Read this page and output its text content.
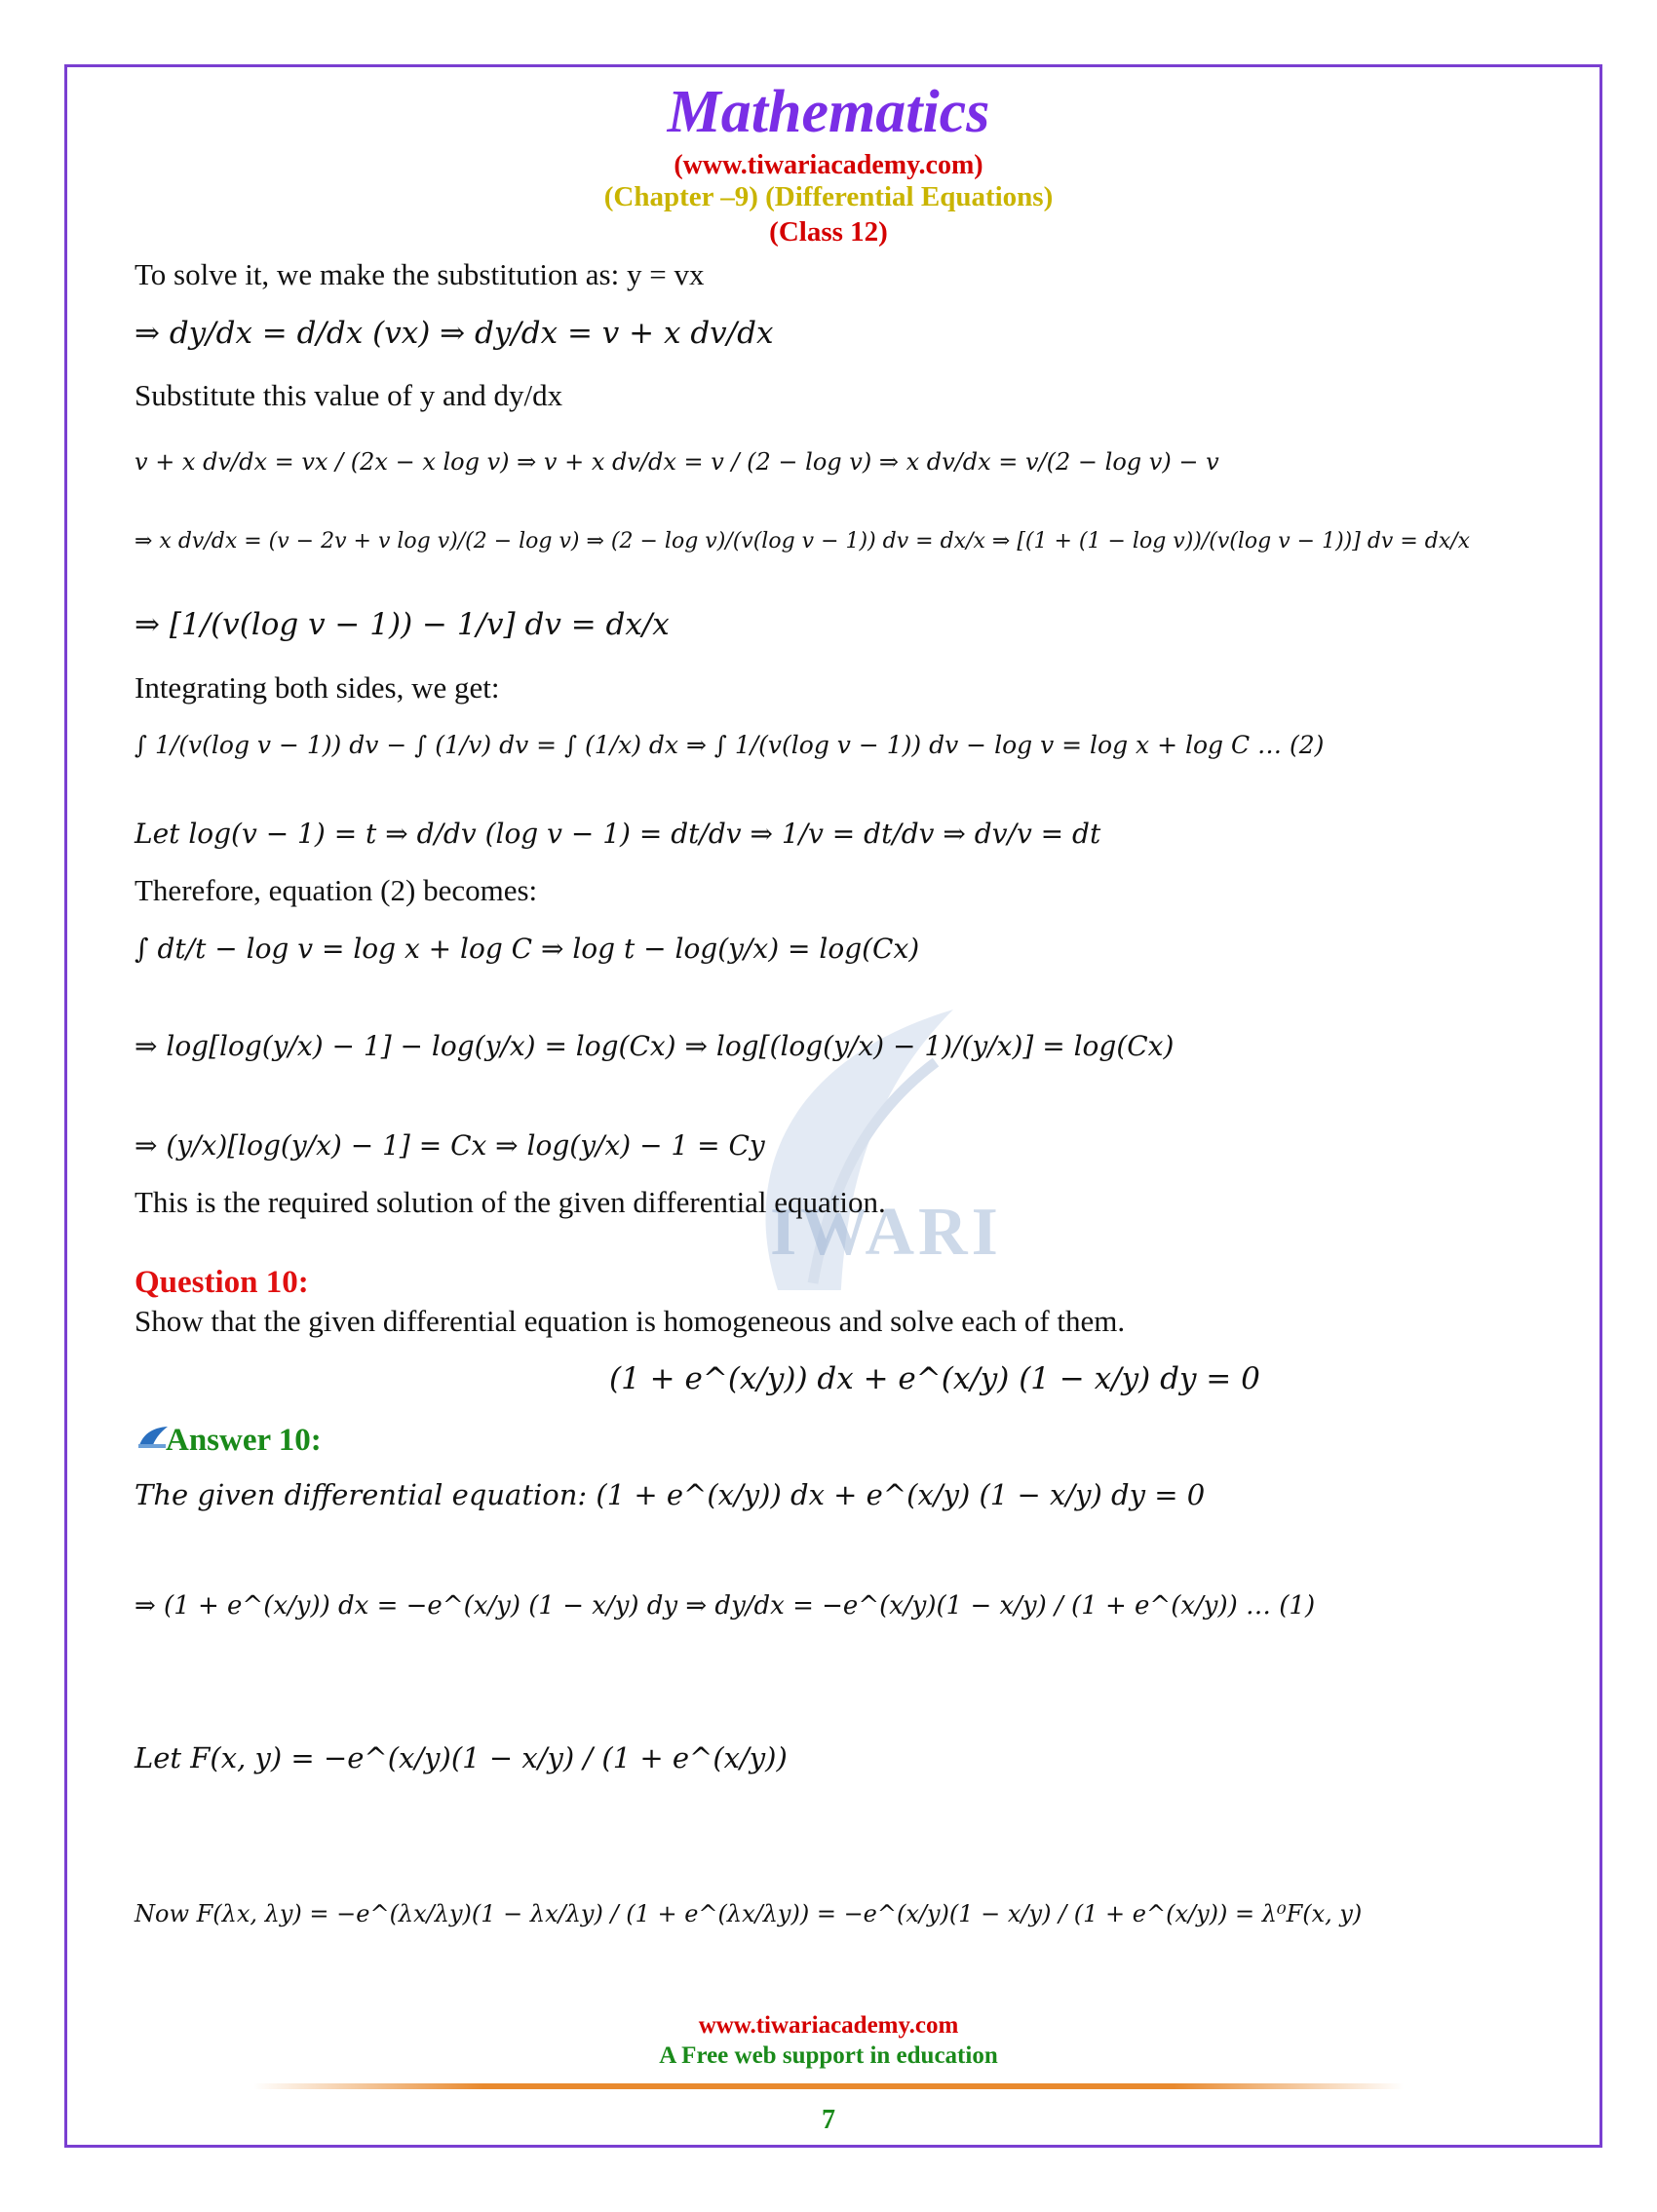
IWARI
Mathematics
(www.tiwariacademy.com)
(Chapter –9) (Differential Equations)
(Class 12)
To solve it, we make the substitution as: y = vx
⇒ dy/dx = d/dx (vx) ⇒ dy/dx = v + x dv/dx
Substitute this value of y and dy/dx
v + x dv/dx = vx / (2x − x log v) ⇒ v + x dv/dx = v / (2 − log v) ⇒ x dv/dx = v/(2 − log v) − v
⇒ x dv/dx = (v − 2v + v log v)/(2 − log v) ⇒ (2 − log v)/(v(log v − 1)) dv = dx/x ⇒ [(1 + (1 − log v))/(v(log v − 1))] dv = dx/x
⇒ [1/(v(log v − 1)) − 1/v] dv = dx/x
Integrating both sides, we get:
∫ 1/(v(log v − 1)) dv − ∫ (1/v) dv = ∫ (1/x) dx ⇒ ∫ 1/(v(log v − 1)) dv − log v = log x + log C … (2)
Let log(v − 1) = t ⇒ d/dv (log v − 1) = dt/dv ⇒ 1/v = dt/dv ⇒ dv/v = dt
Therefore, equation (2) becomes:
∫ dt/t − log v = log x + log C ⇒ log t − log(y/x) = log(Cx)
⇒ log[log(y/x) − 1] − log(y/x) = log(Cx) ⇒ log[(log(y/x) − 1)/(y/x)] = log(Cx)
⇒ (y/x)[log(y/x) − 1] = Cx ⇒ log(y/x) − 1 = Cy
This is the required solution of the given differential equation.
Question 10:
Show that the given differential equation is homogeneous and solve each of them.
(1 + e^(x/y)) dx + e^(x/y) (1 − x/y) dy = 0
Answer 10:
The given differential equation: (1 + e^(x/y)) dx + e^(x/y) (1 − x/y) dy = 0
⇒ (1 + e^(x/y)) dx = −e^(x/y) (1 − x/y) dy ⇒ dy/dx = −e^(x/y)(1 − x/y) / (1 + e^(x/y)) … (1)
Let F(x, y) = −e^(x/y)(1 − x/y) / (1 + e^(x/y))
Now F(λx, λy) = −e^(λx/λy)(1 − λx/λy) / (1 + e^(λx/λy)) = −e^(x/y)(1 − x/y) / (1 + e^(x/y)) = λ⁰F(x, y)
www.tiwariacademy.com
A Free web support in education
7
